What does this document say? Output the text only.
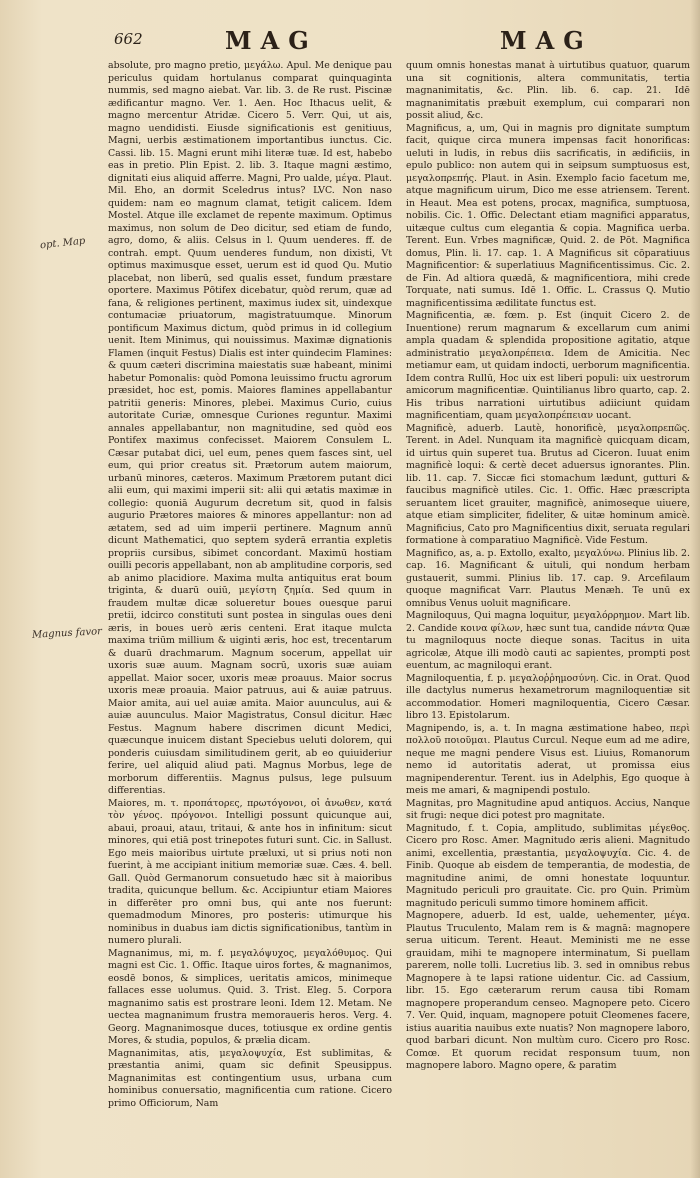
662	MAG	MAG
opt. Map
Magnus favor

absolute, pro magno pretio, μεγάλω. Apul. Me denique pau periculus quidam hortulanus comparat quinquaginta nummis, sed magno aiebat. Var. lib. 3. de Re rust. Piscinæ ædificantur magno. Ver. 1. Aen. Hoc Ithacus uelit, & magno mercentur Atridæ. Cicero 5. Verr. Qui, ut ais, magno uendidisti. Eiusde significationis est genitiuus, Magni, uerbis æstimationem importantibus iunctus. Cic. Cassi. lib. 15. Magni erunt mihi literæ tuæ. Id est, habebo eas in pretio. Plin Epist. 2. lib. 3. Itaque magni æstimo, dignitati eius aliquid afferre. Magni, Pro ualde, μέγα. Plaut. Mil. Eho, an dormit Sceledrus intus? LVC. Non naso quidem: nam eo magnum clamat, tetigit calicem. Idem Mostel. Atque ille exclamet de repente maximum. Optimus maximus, non solum de Deo dicitur, sed etiam de fundo, agro, domo, & aliis. Celsus in l. Quum uenderes. ff. de contrah. empt. Quum uenderes fundum, non dixisti, Vt optimus maximusque esset, uerum est id quod Qu. Mutio placebat, non liberū, sed qualis esset, fundum præstare oportere. Maximus Pōtifex dicebatur, quòd rerum, quæ ad fana, & religiones pertinent, maximus iudex sit, uindexque contumaciæ priuatorum, magistratuumque. Minorum pontificum Maximus dictum, quòd primus in id collegium uenit. Item Minimus, qui nouissimus. Maximæ dignationis Flamen (inquit Festus) Dialis est inter quindecim Flamines: & quum cæteri discrimina maiestatis suæ habeant, minimi habetur Pomonalis: quòd Pomona leuissimo fructu agrorum præsidet, hoc est, pomis. Maiores flamines appellabantur patritii generis: Minores, plebei. Maximus Curio, cuius autoritate Curiæ, omnesque Curiones reguntur. Maximi annales appellabantur, non magnitudine, sed quòd eos Pontifex maximus confecisset. Maiorem Consulem L. Cæsar putabat dici, uel eum, penes quem fasces sint, uel eum, qui prior creatus sit. Prætorum autem maiorum, urbanū minores, cæteros. Maximum Prætorem putant dici alii eum, qui maximi imperii sit: alii qui ætatis maximæ in collegio: quoniā Augurum decretum sit, quod in falsis augurio Prætores maiores & minores appellantur: non ad ætatem, sed ad uim imperii pertinere. Magnum annū dicunt Mathematici, quo septem syderā errantia expletis propriis cursibus, sibimet concordant. Maximū hostiam ouilli pecoris appellabant, non ab amplitudine corporis, sed ab animo placidiore. Maxima multa antiquitus erat boum triginta, & duarū ouiū, μεγίστη ζημία. Sed quum in fraudem multæ dicæ solueretur boues ouesque parui pretii, idcirco constituti sunt postea in singulas oues deni æris, in boues uerò æris centeni. Erat itaque mulcta maxima triūm millium & uiginti æris, hoc est, trecentarum & duarū drachmarum. Magnum socerum, appellat uir uxoris suæ auum. Magnam socrū, uxoris suæ auiam appellat. Maior socer, uxoris meæ proauus. Maior socrus uxoris meæ proauia. Maior patruus, aui & auiæ patruus. Maior amita, aui uel auiæ amita. Maior auunculus, aui & auiæ auunculus. Maior Magistratus, Consul dicitur. Hæc Festus. Magnum habere discrimen dicunt Medici, quæcunque inuicem distant Speciebus ueluti dolorem, qui ponderis cuiusdam similitudinem gerit, ab eo quiuideriur ferire, uel aliquid aliud pati. Magnus Morbus, lege de morborum differentiis. Magnus pulsus, lege pulsuum differentias.

Maiores, m. τ. προπάτορες, πρωτόγονοι, οἱ ἀνωθεν, κατά τὸν γένος. πρόγονοι. Intelligi possunt quicunque aui, abaui, proaui, atauı, tritaui, & ante hos in infinitum: sicut minores, qui etiā post trinepotes futuri sunt. Cic. in Sallust. Ego meis maioribus uirtute præluxi, ut si prius noti non fuerint, à me accipiant initium memoriæ suæ. Cæs. 4. bell. Gall. Quòd Germanorum consuetudo hæc sit à maioribus tradita, quicunque bellum. &c. Accipiuntur etiam Maiores in differēter pro omni bus, qui ante nos fuerunt: quemadmodum Minores, pro posteris: utimurque his nominibus in duabus iam dictis significationibus, tantùm in numero plurali.

Magnanimus, mi, m. f. μεγαλόψυχος, μεγαλόθυμος. Qui magni est Cic. 1. Offic. Itaque uiros fortes, & magnanimos, eosdē bonos, & simplices, ueritatis amicos, minimeque fallaces esse uolumus. Quid. 3. Trist. Eleg. 5. Corpora magnanimo satis est prostrare leoni. Idem 12. Metam. Ne uectea magnanimum frustra memoraueris heros. Verg. 4. Georg. Magnanimosque duces, totiusque ex ordine gentis Mores, & studia, populos, & prælia dicam.

Magnanimitas, atis, μεγαλοψυχία, Est sublimitas, & præstantia animi, quam sic definit Speusippus. Magnanimitas est contingentium usus, urbana cum hominibus conuersatio, magnificentia cum ratione. Cicero primo Officiorum, Nam

quum omnis honestas manat à uirtutibus quatuor, quarum una sit cognitionis, altera communitatis, tertia magnanimitatis, &c. Plin. lib. 6. cap. 21. Idē magnanimitatis præbuit exemplum, cui comparari non possit aliud, &c.

Magnificus, a, um, Qui in magnis pro dignitate sumptum facit, quique circa munera impensas facit honorificas: ueluti in ludis, in rebus diis sacrificatis, in ædificiis, in epulo publico: non autem qui in seipsum sumptuosus est, μεγαλοπρεπής. Plaut. in Asin. Exemplo facio facetum me, atque magnificum uirum, Dico me esse atriensem. Terent. in Heaut. Mea est potens, procax, magnifica, sumptuosa, nobilis. Cic. 1. Offic. Delectant etiam magnifici apparatus, uitæque cultus cum elegantia & copia. Magnifica uerba. Terent. Eun. Vrbes magnificæ, Quid. 2. de Pōt. Magnifica domus, Plin. li. 17. cap. 1. A Magnificus sit cōparatiuus Magnificentior: & superlatiuus Magnificentissimus. Cic. 2. de Fin. Ad altiora quædā, & magnificentiora, mihi crede Torquate, nati sumus. Idē 1. Offic. L. Crassus Q. Mutio magnificentissima ædilitate functus est.

Magnificentia, æ. fœm. p. Est (inquit Cicero 2. de Inuentione) rerum magnarum & excellarum cum animi ampla quadam & splendida propositione agitatio, atque administratio μεγαλοπρέπεια. Idem de Amicitia. Nec metiamur eam, ut quidam indocti, uerborum magnificentia. Idem contra Rullū, Hoc uix est liberi populi: uix uestrorum amicorum magnificentiæ. Quintilianus libro quarto, cap. 2. His tribus narrationi uirtutibus adiiciunt quidam magnificentiam, quam μεγαλοπρέπειαν uocant.

Magnificè, aduerb. Lautè, honorificè, μεγαλοπρεπῶς. Terent. in Adel. Nunquam ita magnificè quicquam dicam, id uirtus quin superet tua. Brutus ad Ciceron. Iuuat enim magnificè loqui: & certè decet aduersus ignorantes. Plin. lib. 11. cap. 7. Siccæ fici stomachum lædunt, gutturi & faucibus magnificè utiles. Cic. 1. Offic. Hæc præscripta seruantem licet grauiter, magnificè, animoseque uiuere, atque etiam simpliciter, fideliter, & uitæ hominum amicè. Magnificius, Cato pro Magnificentius dixit, seruata regulari formatione à comparatiuo Magnificè. Vide Festum.

Magnifico, as, a. p. Extollo, exalto, μεγαλύνω. Plinius lib. 2. cap. 16. Magnificant & uituli, qui nondum herbam gustauerit, summi. Plinius lib. 17. cap. 9. Arcefilaum quoque magnificat Varr. Plautus Menæh. Te unū ex omnibus Venus uoluit magnificare.

Magniloquus, Qui magna loquitur, μεγαλόρρημον. Mart lib. 2. Candide κοινα φίλων, hæc sunt tua, candide πάντα Quæ tu magniloquus nocte dieque sonas. Tacitus in uita agricolæ, Atque illi modò cauti ac sapientes, prompti post euentum, ac magniloqui erant.

Magniloquentia, f. p. μεγαλοῤῥημοσύνη. Cic. in Orat. Quod ille dactylus numerus hexametrorum magniloquentiæ sit accommodatior. Homeri magniloquentia, Cicero Cæsar. libro 13. Epistolarum.

Magnipendo, is, a. t. In magna æstimatione habeo, περὶ πολλοῦ ποιοῦμαι. Plautus Curcul. Neque eum ad me adire, neque me magni pendere Visus est. Liuius, Romanorum nemo id autoritatis aderat, ut promissa eius magnipenderentur. Terent. ius in Adelphis, Ego quoque à meis me amari, & magnipendi postulo.

Magnitas, pro Magnitudine apud antiquos. Accius, Nanque sit frugi: neque dici potest pro magnitate.

Magnitudo, f. t. Copia, amplitudo, sublimitas μέγεθος. Cicero pro Rosc. Amer. Magnitudo æris alieni. Magnitudo animi, excellentia, præstantia, μεγαλοψυχία. Cic. 4. de Finib. Quoque ab eisdem de temperantia, de modestia, de magnitudine animi, de omni honestate loquuntur. Magnitudo periculi pro grauitate. Cic. pro Quin. Primùm magnitudo periculi summo timore hominem afficit.

Magnopere, aduerb. Id est, ualde, uehementer, μέγα. Plautus Truculento, Malam rem is & magnā: magnopere serua uiticum. Terent. Heaut. Meministi me ne esse grauidam, mihi te magnopere interminatum, Si puellam parerem, nolle tolli. Lucretius lib. 3. sed in omnibus rebus Magnopere à te lapsi ratione uidentur. Cic. ad Cassium, libr. 15. Ego cæterarum rerum causa tibi Romam magnopere properandum censeo. Magnopere peto. Cicero 7. Ver. Quid, inquam, magnopere potuit Cleomenes facere, istius auaritia nauibus exte nuatis? Non magnopere laboro, quod barbari dicunt. Non multùm curo. Cicero pro Rosc. Comœ. Et quorum recidat responsum tuum, non magnopere laboro. Magno opere, & paratim
